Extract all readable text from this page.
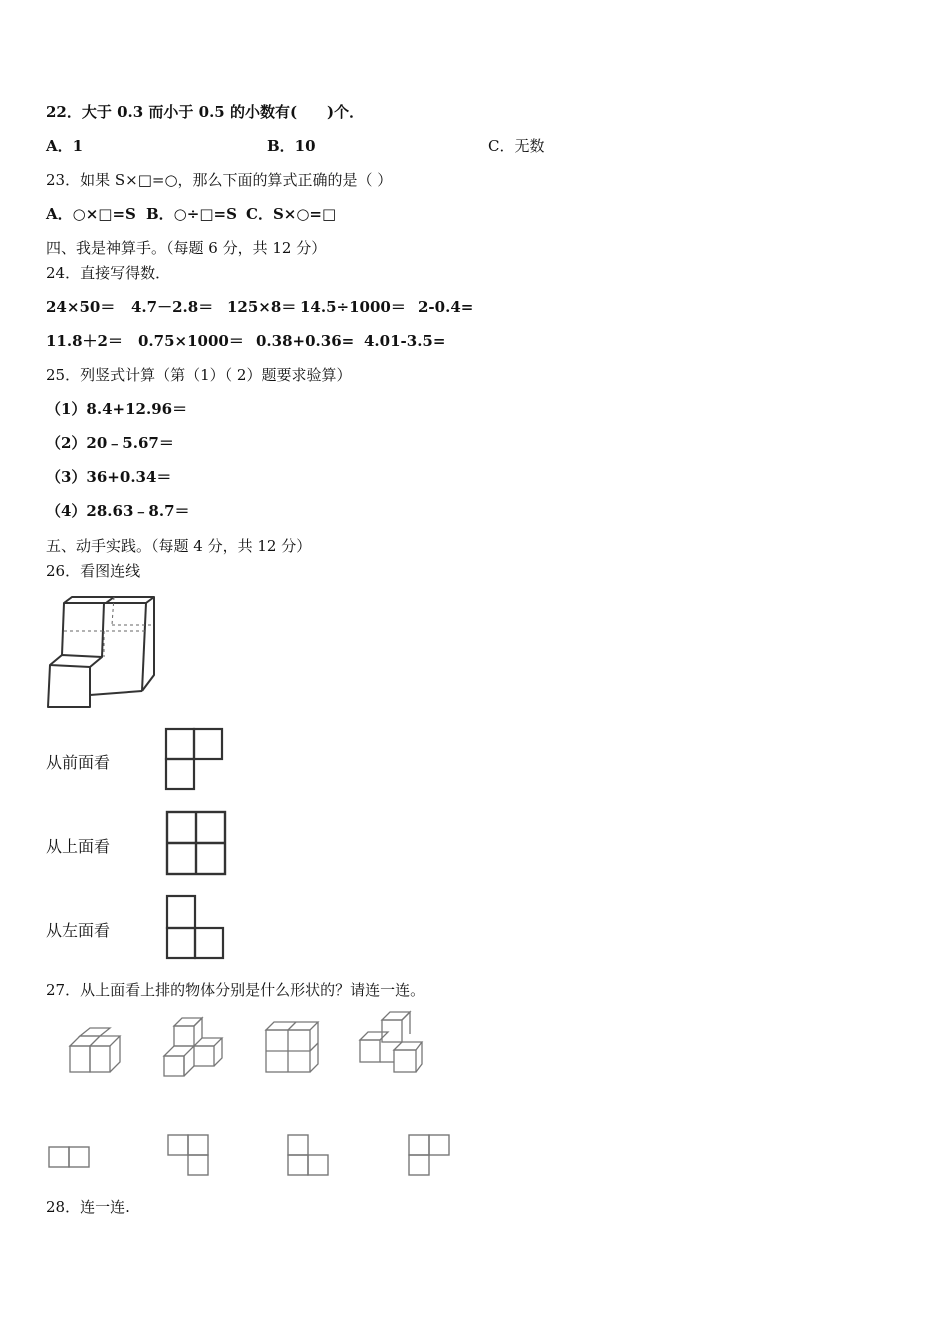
22．大于 0.3 而小于 0.5 的小数有(　　)个．
A．1	B．10	C．无数
23．如果 S×□=○，那么下面的算式正确的是（ ）
A．○×□=S B．○÷□=S C．S×○=□
四、我是神算手。（每题 6 分，共 12 分）
24．直接写得数．
24×50＝ 4.7－2.8＝ 125×8＝ 14.5÷1000＝ 2-0.4=
11.8＋2＝ 0.75×1000＝ 0.38+0.36= 4.01-3.5=
25．列竖式计算（第（1）（ 2）题要求验算）
（1）8.4+12.96＝
（2）20﹣5.67＝
（3）36+0.34＝
（4）28.63﹣8.7＝
五、动手实践。（每题 4 分，共 12 分）
26．看图连线
从前面看
从上面看
从左面看
27．从上面看上排的物体分别是什么形状的？请连一连。
28．连一连.
